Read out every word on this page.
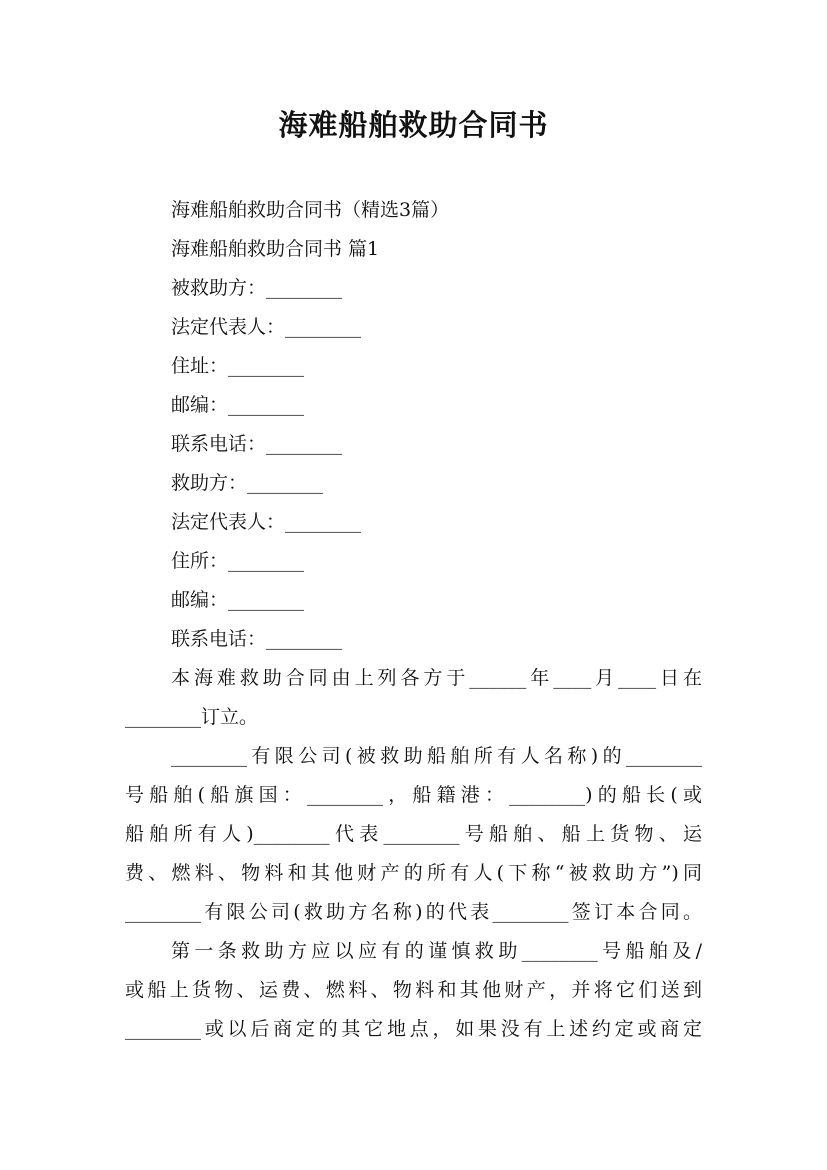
海难船舶救助合同书
海难船舶救助合同书（精选3篇）
海难船舶救助合同书 篇1
被救助方：________
法定代表人：________
住址：________
邮编：________
联系电话：________
救助方：________
法定代表人：________
住所：________
邮编：________
联系电话：________
本海难救助合同由上列各方于______年____月____日在
________订立。
________有限公司(被救助船舶所有人名称)的________
号船舶(船旗国：________，船籍港：________)的船长(或
船舶所有人)________代表________号船舶、船上货物、运
费、燃料、物料和其他财产的所有人(下称“被救助方”)同
________有限公司(救助方名称)的代表________签订本合同。
第一条救助方应以应有的谨慎救助________号船舶及/
或船上货物、运费、燃料、物料和其他财产，并将它们送到
________或以后商定的其它地点，如果没有上述约定或商定
